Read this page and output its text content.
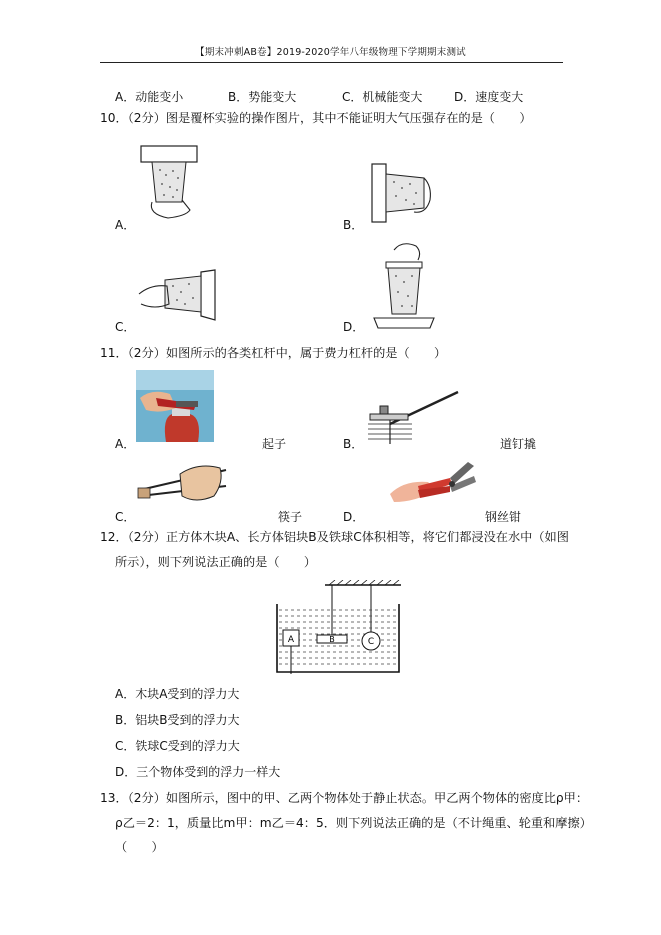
【期末冲刺AB卷】2019-2020学年八年级物理下学期期末测试
A．动能变小	B．势能变大	C．机械能变大	D．速度变大
10．（2分）图是覆杯实验的操作图片，其中不能证明大气压强存在的是（　　）
A．	B．
C．	D．
11．（2分）如图所示的各类杠杆中，属于费力杠杆的是（　　）
A．	起子	B．	道钉撬
C．	筷子	D．	钢丝钳
12．（2分）正方体木块A、长方体铝块B及铁球C体积相等，将它们都浸没在水中（如图
所示），则下列说法正确的是（　　）
A	B	C
A．木块A受到的浮力大
B．铝块B受到的浮力大
C．铁球C受到的浮力大
D．三个物体受到的浮力一样大
13．（2分）如图所示，图中的甲、乙两个物体处于静止状态。甲乙两个物体的密度比ρ甲：
ρ乙＝2：1，质量比m甲：m乙＝4：5．则下列说法正确的是（不计绳重、轮重和摩擦）
（　　）
